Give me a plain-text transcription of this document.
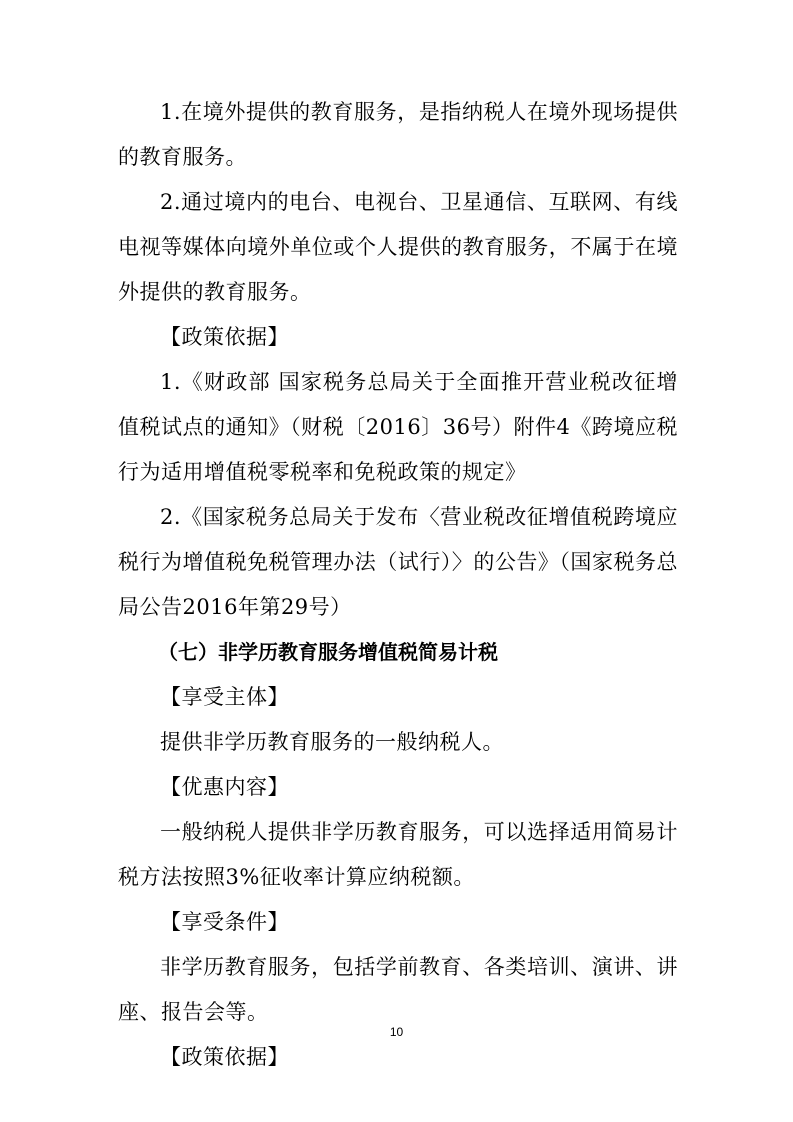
1.在境外提供的教育服务，是指纳税人在境外现场提供的教育服务。

2.通过境内的电台、电视台、卫星通信、互联网、有线电视等媒体向境外单位或个人提供的教育服务，不属于在境外提供的教育服务。

【政策依据】

1.《财政部 国家税务总局关于全面推开营业税改征增值税试点的通知》（财税〔2016〕36号）附件4《跨境应税行为适用增值税零税率和免税政策的规定》

2.《国家税务总局关于发布〈营业税改征增值税跨境应税行为增值税免税管理办法（试行）〉的公告》（国家税务总局公告2016年第29号）

（七）非学历教育服务增值税简易计税

【享受主体】

提供非学历教育服务的一般纳税人。

【优惠内容】

一般纳税人提供非学历教育服务，可以选择适用简易计税方法按照3%征收率计算应纳税额。

【享受条件】

非学历教育服务，包括学前教育、各类培训、演讲、讲座、报告会等。

【政策依据】

10
